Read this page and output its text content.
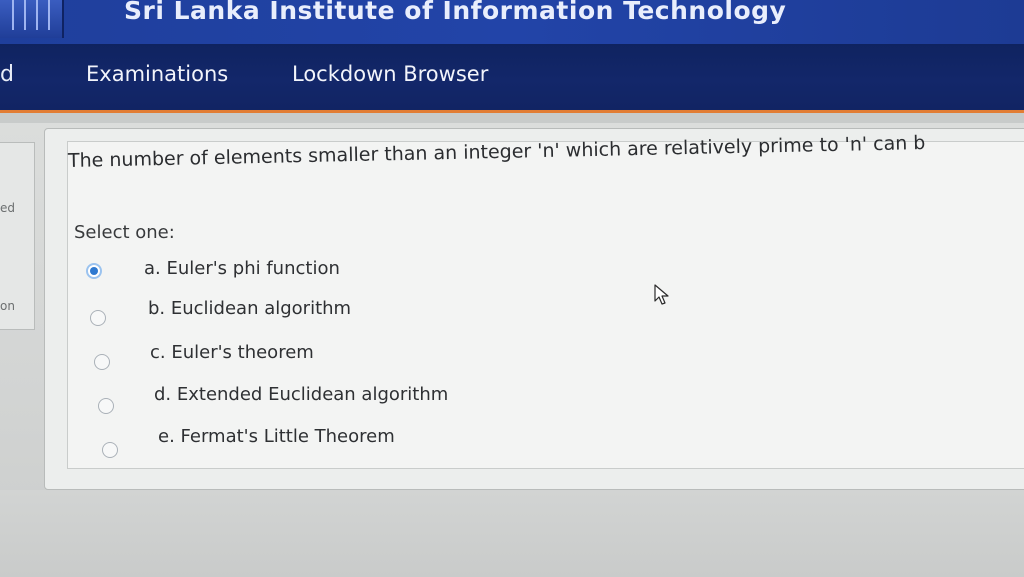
Sri Lanka Institute of Information Technology
d	Examinations	Lockdown Browser
ed
on
The number of elements smaller than an integer 'n' which are relatively prime to 'n' can b
Select one:
a. Euler's phi function
b. Euclidean algorithm
c. Euler's theorem
d. Extended Euclidean algorithm
e. Fermat's Little Theorem
